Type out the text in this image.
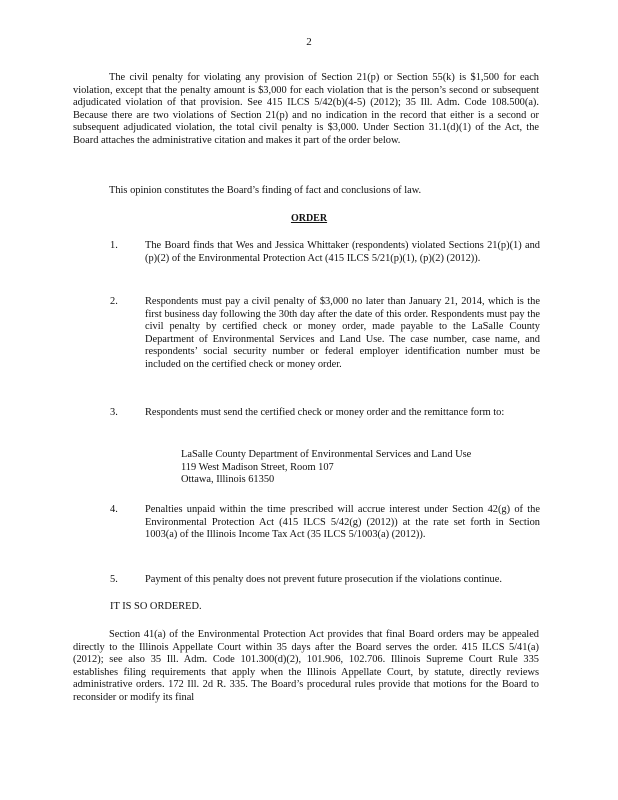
2

The civil penalty for violating any provision of Section 21(p) or Section 55(k) is $1,500 for each violation, except that the penalty amount is $3,000 for each violation that is the person’s second or subsequent adjudicated violation of that provision. See 415 ILCS 5/42(b)(4-5) (2012); 35 Ill. Adm. Code 108.500(a). Because there are two violations of Section 21(p) and no indication in the record that either is a second or subsequent adjudicated violation, the total civil penalty is $3,000. Under Section 31.1(d)(1) of the Act, the Board attaches the administrative citation and makes it part of the order below.

This opinion constitutes the Board’s finding of fact and conclusions of law.

ORDER
1.	The Board finds that Wes and Jessica Whittaker (respondents) violated Sections 21(p)(1) and (p)(2) of the Environmental Protection Act (415 ILCS 5/21(p)(1), (p)(2) (2012)).
2.	Respondents must pay a civil penalty of $3,000 no later than January 21, 2014, which is the first business day following the 30th day after the date of this order. Respondents must pay the civil penalty by certified check or money order, made payable to the LaSalle County Department of Environmental Services and Land Use. The case number, case name, and respondents’ social security number or federal employer identification number must be included on the certified check or money order.
3.	Respondents must send the certified check or money order and the remittance form to:
LaSalle County Department of Environmental Services and Land Use
119 West Madison Street, Room 107
Ottawa, Illinois 61350
4.	Penalties unpaid within the time prescribed will accrue interest under Section 42(g) of the Environmental Protection Act (415 ILCS 5/42(g) (2012)) at the rate set forth in Section 1003(a) of the Illinois Income Tax Act (35 ILCS 5/1003(a) (2012)).
5.	Payment of this penalty does not prevent future prosecution if the violations continue.
IT IS SO ORDERED.

Section 41(a) of the Environmental Protection Act provides that final Board orders may be appealed directly to the Illinois Appellate Court within 35 days after the Board serves the order. 415 ILCS 5/41(a) (2012); see also 35 Ill. Adm. Code 101.300(d)(2), 101.906, 102.706. Illinois Supreme Court Rule 335 establishes filing requirements that apply when the Illinois Appellate Court, by statute, directly reviews administrative orders. 172 Ill. 2d R. 335. The Board’s procedural rules provide that motions for the Board to reconsider or modify its final
